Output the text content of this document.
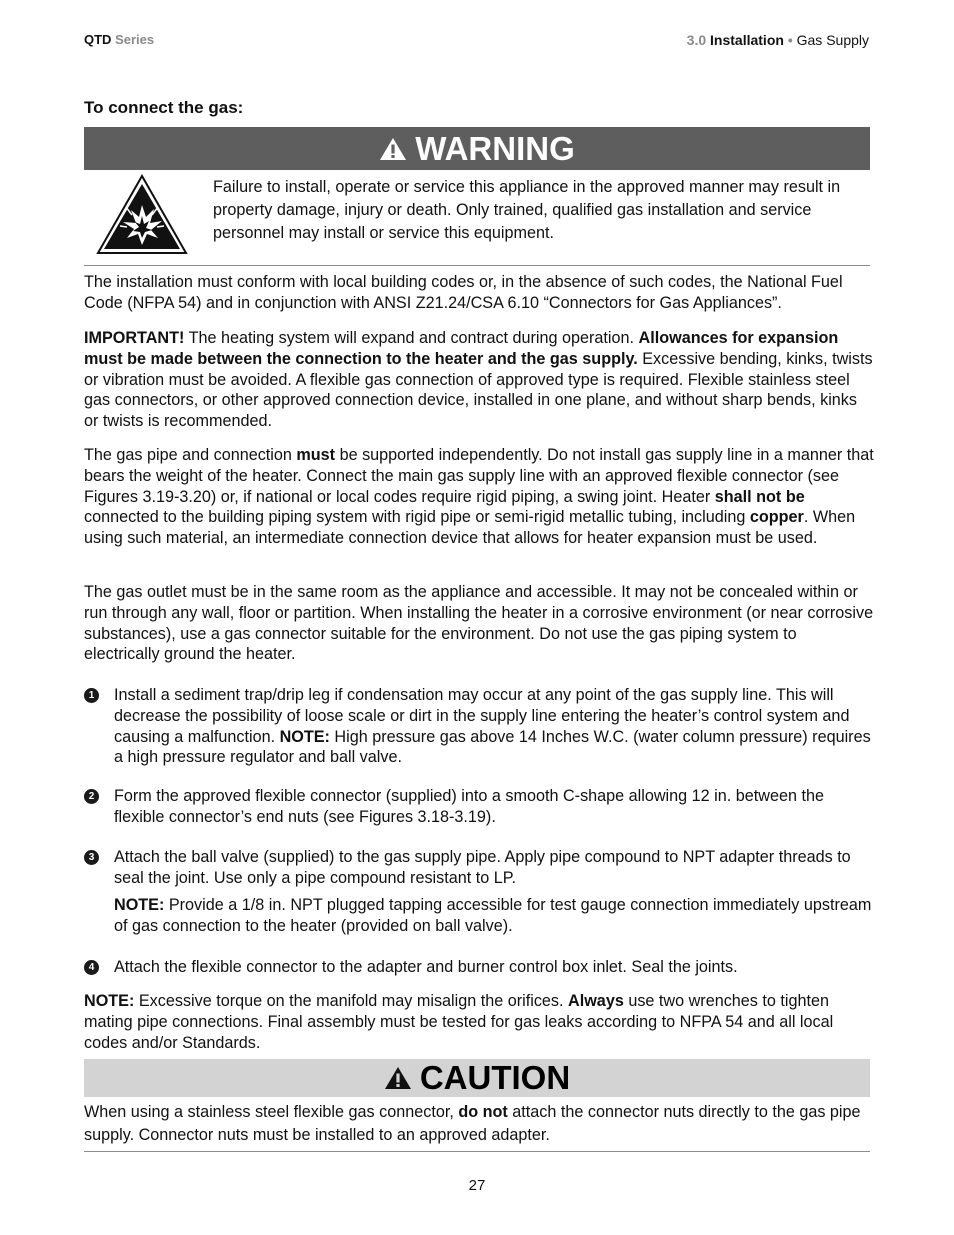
QTD Series	3.0 Installation • Gas Supply
To connect the gas:
WARNING
Failure to install, operate or service this appliance in the approved manner may result in property damage, injury or death. Only trained, qualified gas installation and service personnel may install or service this equipment.

The installation must conform with local building codes or, in the absence of such codes, the National Fuel Code (NFPA 54) and in conjunction with ANSI Z21.24/CSA 6.10 “Connectors for Gas Appliances”.

IMPORTANT! The heating system will expand and contract during operation. Allowances for expansion must be made between the connection to the heater and the gas supply. Excessive bending, kinks, twists or vibration must be avoided. A flexible gas connection of approved type is required. Flexible stainless steel gas connectors, or other approved connection device, installed in one plane, and without sharp bends, kinks or twists is recommended.

The gas pipe and connection must be supported independently. Do not install gas supply line in a manner that bears the weight of the heater. Connect the main gas supply line with an approved flexible connector (see Figures 3.19-3.20) or, if national or local codes require rigid piping, a swing joint. Heater shall not be connected to the building piping system with rigid pipe or semi-rigid metallic tubing, including copper. When using such material, an intermediate connection device that allows for heater expansion must be used.

The gas outlet must be in the same room as the appliance and accessible. It may not be concealed within or run through any wall, floor or partition. When installing the heater in a corrosive environment (or near corrosive substances), use a gas connector suitable for the environment. Do not use the gas piping system to electrically ground the heater.

1 Install a sediment trap/drip leg if condensation may occur at any point of the gas supply line. This will decrease the possibility of loose scale or dirt in the supply line entering the heater’s control system and causing a malfunction. NOTE: High pressure gas above 14 Inches W.C. (water column pressure) requires a high pressure regulator and ball valve.

2 Form the approved flexible connector (supplied) into a smooth C-shape allowing 12 in. between the flexible connector’s end nuts (see Figures 3.18-3.19).

3 Attach the ball valve (supplied) to the gas supply pipe. Apply pipe compound to NPT adapter threads to seal the joint. Use only a pipe compound resistant to LP.

NOTE: Provide a 1/8 in. NPT plugged tapping accessible for test gauge connection immediately upstream of gas connection to the heater (provided on ball valve).

4 Attach the flexible connector to the adapter and burner control box inlet. Seal the joints.

NOTE: Excessive torque on the manifold may misalign the orifices. Always use two wrenches to tighten mating pipe connections. Final assembly must be tested for gas leaks according to NFPA 54 and all local codes and/or Standards.

CAUTION

When using a stainless steel flexible gas connector, do not attach the connector nuts directly to the gas pipe supply. Connector nuts must be installed to an approved adapter.

27
